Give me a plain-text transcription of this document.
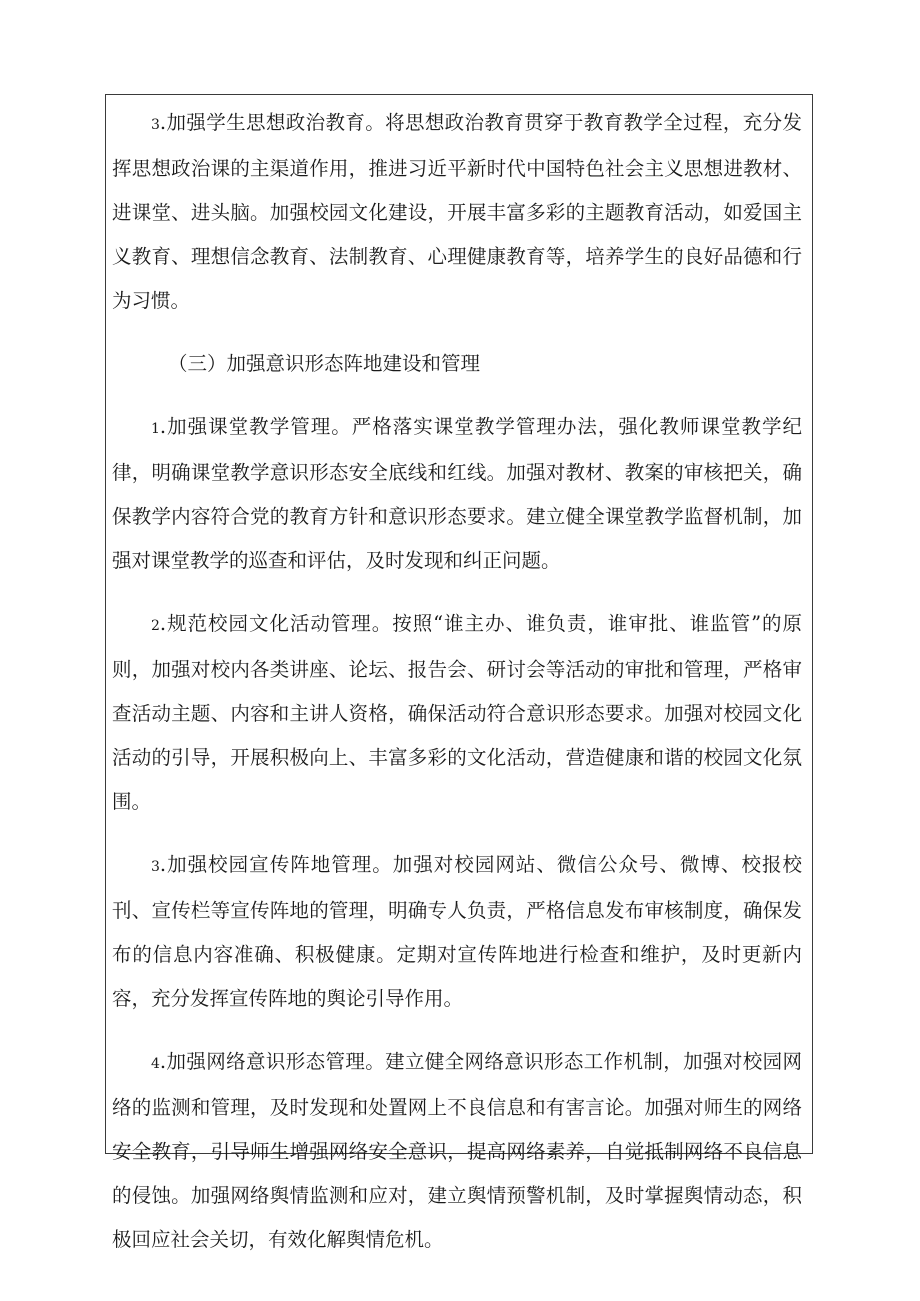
3.加强学生思想政治教育。将思想政治教育贯穿于教育教学全过程，充分发挥思想政治课的主渠道作用，推进习近平新时代中国特色社会主义思想进教材、进课堂、进头脑。加强校园文化建设，开展丰富多彩的主题教育活动，如爱国主义教育、理想信念教育、法制教育、心理健康教育等，培养学生的良好品德和行为习惯。

（三）加强意识形态阵地建设和管理

1.加强课堂教学管理。严格落实课堂教学管理办法，强化教师课堂教学纪律，明确课堂教学意识形态安全底线和红线。加强对教材、教案的审核把关，确保教学内容符合党的教育方针和意识形态要求。建立健全课堂教学监督机制，加强对课堂教学的巡查和评估，及时发现和纠正问题。

2.规范校园文化活动管理。按照“谁主办、谁负责，谁审批、谁监管”的原则，加强对校内各类讲座、论坛、报告会、研讨会等活动的审批和管理，严格审查活动主题、内容和主讲人资格，确保活动符合意识形态要求。加强对校园文化活动的引导，开展积极向上、丰富多彩的文化活动，营造健康和谐的校园文化氛围。

3.加强校园宣传阵地管理。加强对校园网站、微信公众号、微博、校报校刊、宣传栏等宣传阵地的管理，明确专人负责，严格信息发布审核制度，确保发布的信息内容准确、积极健康。定期对宣传阵地进行检查和维护，及时更新内容，充分发挥宣传阵地的舆论引导作用。

4.加强网络意识形态管理。建立健全网络意识形态工作机制，加强对校园网络的监测和管理，及时发现和处置网上不良信息和有害言论。加强对师生的网络安全教育，引导师生增强网络安全意识，提高网络素养，自觉抵制网络不良信息的侵蚀。加强网络舆情监测和应对，建立舆情预警机制，及时掌握舆情动态，积极回应社会关切，有效化解舆情危机。
